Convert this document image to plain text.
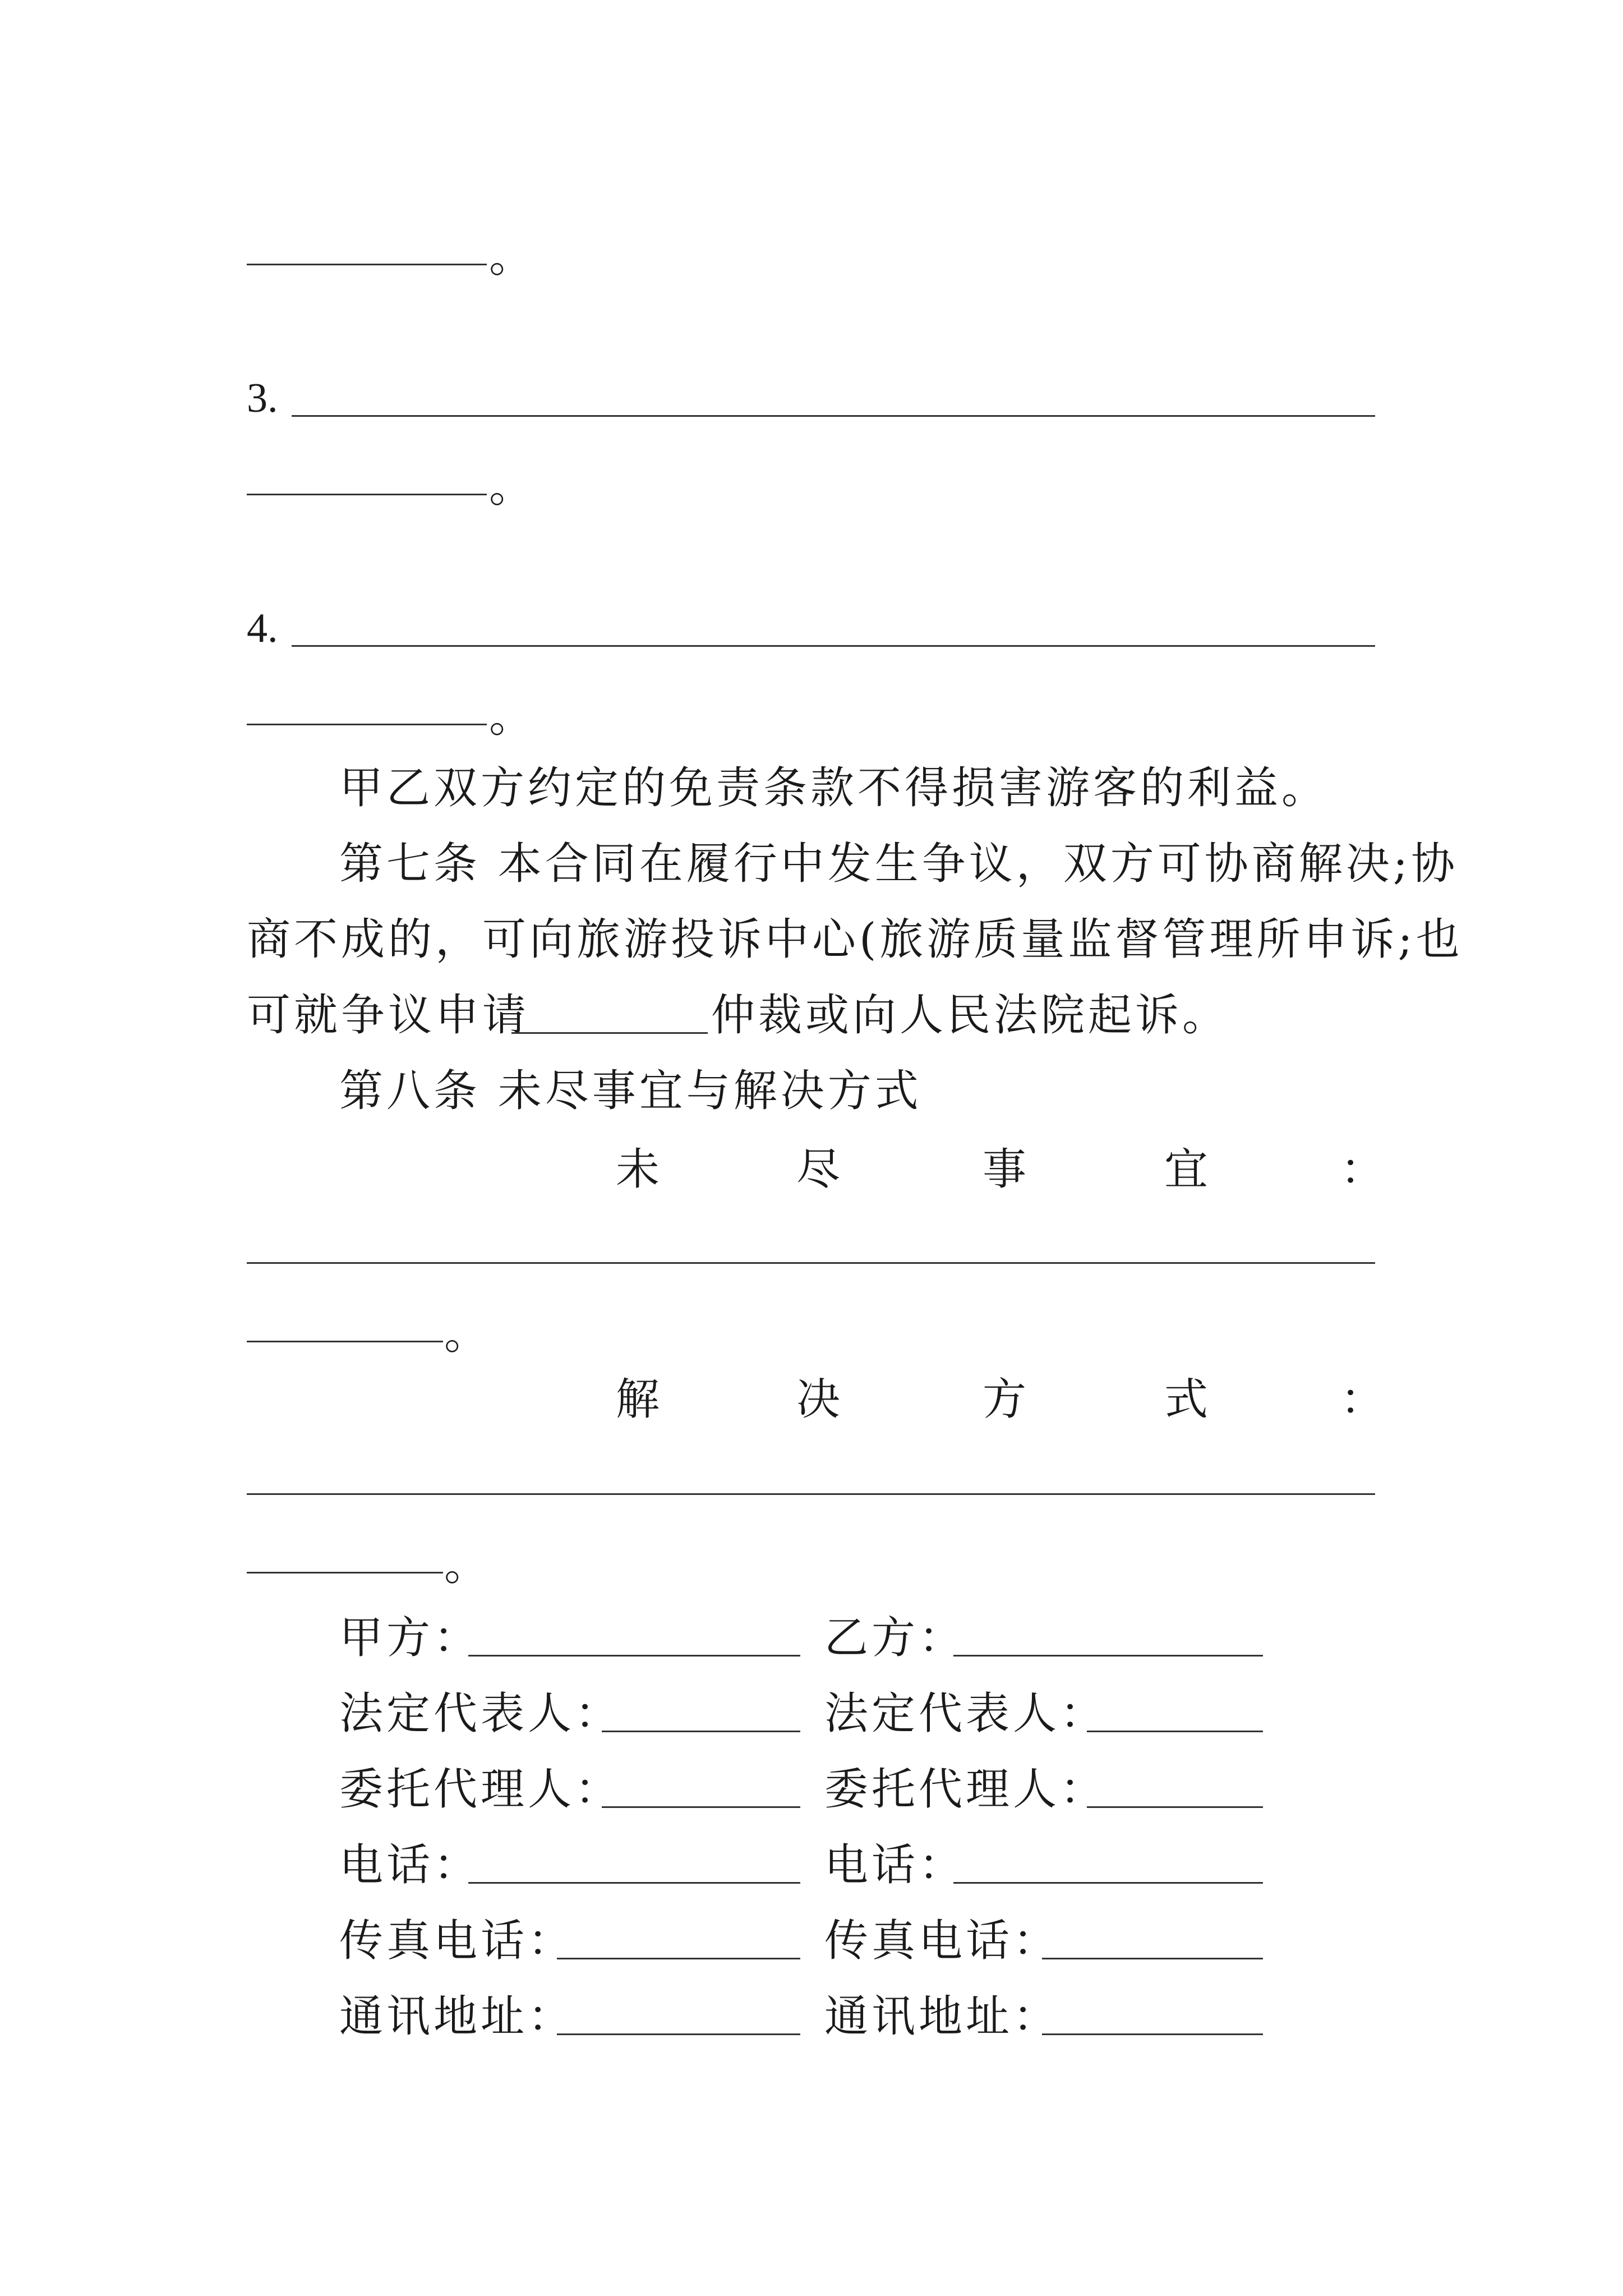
。
3.
。
4.
。
甲乙双方约定的免责条款不得损害游客的利益。
第七条 本合同在履行中发生争议，双方可协商解决;协
商不成的，可向旅游投诉中心(旅游质量监督管理所申诉;也
可就争议申请	仲裁或向人民法院起诉。
第八条 未尽事宜与解决方式
未	尽	事	宜	：
。
解	决	方	式	：
。
甲方：	乙方：
法定代表人：	法定代表人：
委托代理人：	委托代理人：
电话：	电话：
传真电话：	传真电话：
通讯地址：	通讯地址：
